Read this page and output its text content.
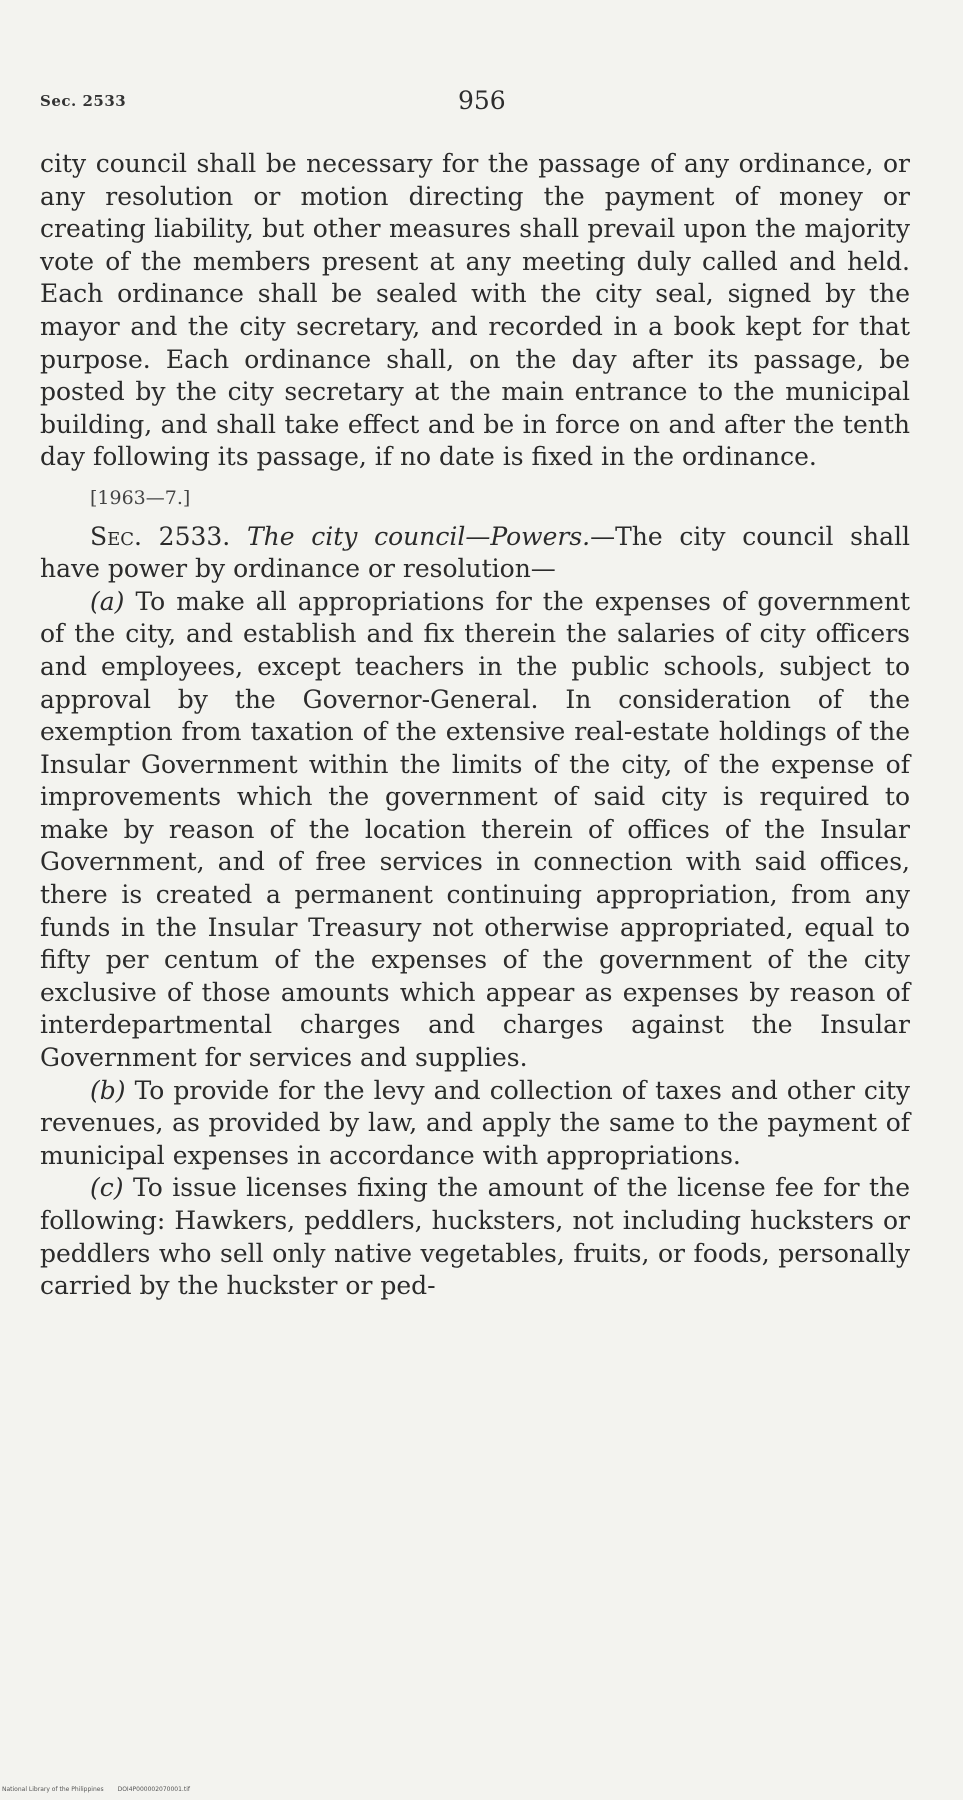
Sec. 2533	956

city council shall be necessary for the passage of any ordinance, or any resolution or motion directing the payment of money or creating liability, but other measures shall prevail upon the majority vote of the members present at any meeting duly called and held. Each ordinance shall be sealed with the city seal, signed by the mayor and the city secretary, and recorded in a book kept for that purpose. Each ordinance shall, on the day after its passage, be posted by the city secretary at the main entrance to the municipal building, and shall take effect and be in force on and after the tenth day following its passage, if no date is fixed in the ordinance.

[1963—7.]

Sec. 2533. The city council—Powers.—The city council shall have power by ordinance or resolution—

(a) To make all appropriations for the expenses of government of the city, and establish and fix therein the salaries of city officers and employees, except teachers in the public schools, subject to approval by the Governor-General. In consideration of the exemption from taxation of the extensive real-estate holdings of the Insular Government within the limits of the city, of the expense of improvements which the government of said city is required to make by reason of the location therein of offices of the Insular Government, and of free services in connection with said offices, there is created a permanent continuing appropriation, from any funds in the Insular Treasury not otherwise appropriated, equal to fifty per centum of the expenses of the government of the city exclusive of those amounts which appear as expenses by reason of interdepartmental charges and charges against the Insular Government for services and supplies.

(b) To provide for the levy and collection of taxes and other city revenues, as provided by law, and apply the same to the payment of municipal expenses in accordance with appropriations.

(c) To issue licenses fixing the amount of the license fee for the following: Hawkers, peddlers, hucksters, not including hucksters or peddlers who sell only native vegetables, fruits, or foods, personally carried by the huckster or ped-

National Library of the Philippines DOI4P000002070001.tif
